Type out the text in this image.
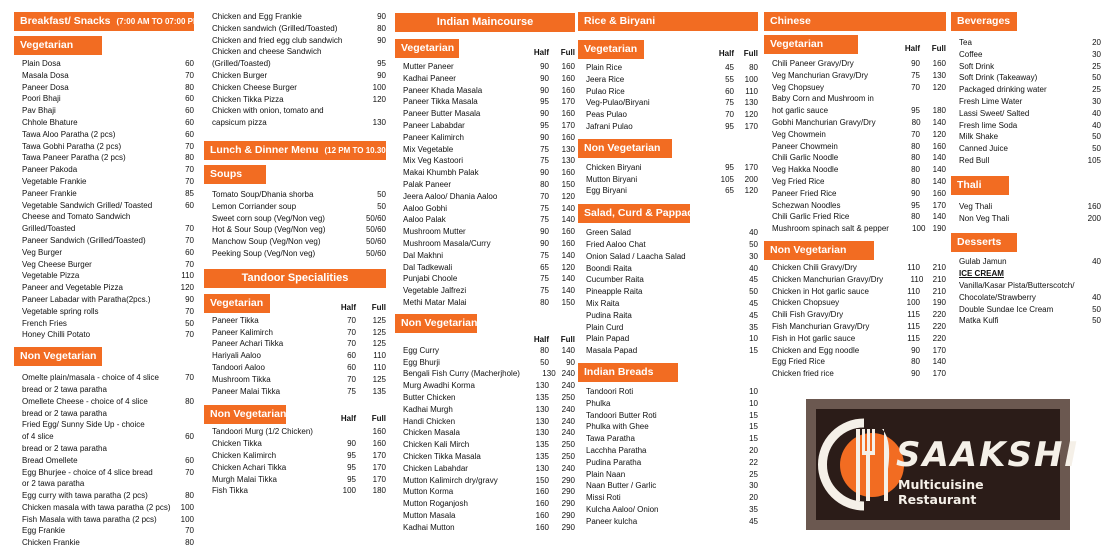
Breakfast/ Snacks (7:00 AM TO 07:00 PM)
Vegetarian
Plain Dosa	60
Masala Dosa	70
Paneer Dosa	80
Poori Bhaji	60
Pav Bhaji	60
Chhole Bhature	60
Tawa Aloo Paratha (2 pcs)	60
Tawa Gobhi Paratha (2 pcs)	70
Tawa Paneer Paratha (2 pcs)	80
Paneer Pakoda	70
Vegetable Frankie	70
Paneer Frankie	85
Vegetable Sandwich Grilled/ Toasted	60
Cheese and Tomato Sandwich
Grilled/Toasted	70
Paneer Sandwich (Grilled/Toasted)	70
Veg Burger	60
Veg Cheese Burger	70
Vegetable Pizza	110
Paneer and Vegetable Pizza	120
Paneer Labadar with Paratha(2pcs.)	90
Vegetable spring rolls	70
French Fries	50
Honey Chilli Potato	70
Non Vegetarian
Omelte plain/masala - choice of 4 slice	70
bread or 2 tawa paratha
Omellete Cheese - choice of 4 slice	80
bread or 2 tawa paratha
Fried Egg/ Sunny Side Up - choice
of 4 slice	60
bread or 2 tawa paratha
Bread Omellete	60
Egg Bhurjee - choice of 4 slice bread	70
or 2 tawa paratha
Egg curry with tawa paratha (2 pcs)	80
Chicken masala with tawa paratha (2 pcs)	100
Fish Masala with tawa paratha (2 pcs)	100
Egg Frankie	70
Chicken Frankie	80
Chicken and Egg Frankie	90
Chicken sandwich (Grilled/Toasted)	80
Chicken and fried egg club sandwich	90
Chicken and cheese Sandwich
(Grilled/Toasted)	95
Chicken Burger	90
Chicken Cheese Burger	100
Chicken Tikka Pizza	120
Chicken with onion, tomato and
capsicum pizza	130
Lunch & Dinner Menu (12 PM TO 10.30 PM)
Soups
Tomato Soup/Dhania shorba	50
Lemon Corriander soup	50
Sweet corn soup (Veg/Non veg)	50/60
Hot & Sour Soup (Veg/Non veg)	50/60
Manchow Soup (Veg/Non veg)	50/60
Peeking Soup (Veg/Non veg)	50/60
Tandoor Specialities
Vegetarian	Half	Full
Paneer Tikka	70	125
Paneer Kalimirch	70	125
Paneer Achari Tikka	70	125
Hariyali Aaloo	60	110
Tandoori Aaloo	60	110
Mushroom Tikka	70	125
Paneer Malai Tikka	75	135
Non Vegetarian	Half	Full
Tandoori Murg (1/2 Chicken)	160
Chicken Tikka	90	160
Chicken Kalimirch	95	170
Chicken Achari Tikka	95	170
Murgh Malai Tikka	95	170
Fish Tikka	100	180
Indian Maincourse
Vegetarian	Half	Full
Mutter Paneer	90	160
Kadhai Paneer	90	160
Paneer Khada Masala	90	160
Paneer Tikka Masala	95	170
Paneer Butter Masala	90	160
Paneer Lababdar	95	170
Paneer Kalimirch	90	160
Mix Vegetable	75	130
Mix Veg Kastoori	75	130
Makai Khumbh Palak	90	160
Palak Paneer	80	150
Jeera Aaloo/ Dhania Aaloo	70	120
Aaloo Gobhi	75	140
Aaloo Palak	75	140
Mushroom Mutter	90	160
Mushroom Masala/Curry	90	160
Dal Makhni	75	140
Dal Tadkewali	65	120
Punjabi Choole	75	140
Vegetable Jalfrezi	75	140
Methi Matar Malai	80	150
Non Vegetarian
Half	Full
Egg Curry	80	140
Egg Bhurji	50	90
Bengali Fish Curry (Macherjhole)	130 240
Murg Awadhi Korma	130	240
Butter Chicken	135	250
Kadhai Murgh	130	240
Handi Chicken	130	240
Chicken Masala	130	240
Chicken Kali Mirch	135	250
Chicken Tikka Masala	135	250
Chicken Labahdar	130	240
Mutton Kalimirch dry/gravy	150	290
Mutton Korma	160	290
Mutton Roganjosh	160	290
Mutton Masala	160	290
Kadhai Mutton	160	290
Rice & Biryani
Vegetarian	Half	Full
Plain Rice	45	80
Jeera Rice	55	100
Pulao Rice	60	110
Veg-Pulao/Biryani	75	130
Peas Pulao	70	120
Jafrani Pulao	95	170
Non Vegetarian
Chicken Biryani	95	170
Mutton Biryani	105	200
Egg Biryani	65	120
Salad, Curd & Pappad
Green Salad	40
Fried Aaloo Chat	50
Onion Salad / Laacha Salad	30
Boondi Raita	40
Cucumber Raita	45
Pineapple Raita	50
Mix Raita	45
Pudina Raita	45
Plain Curd	35
Plain Papad	10
Masala Papad	15
Indian Breads
Tandoori Roti	10
Phulka	10
Tandoori Butter Roti	15
Phulka with Ghee	15
Tawa Paratha	15
Lacchha Paratha	20
Pudina Paratha	22
Plain Naan	25
Naan Butter / Garlic	30
Missi Roti	20
Kulcha Aaloo/ Onion	35
Paneer kulcha	45
Chinese
Vegetarian	Half	Full
Chili Paneer Gravy/Dry	90	160
Veg Manchurian Gravy/Dry	75	130
Veg Chopsuey	70	120
Baby Corn and Mushroom in
hot garlic sauce	95	180
Gobhi Manchurian Gravy/Dry	80	140
Veg Chowmein	70	120
Paneer Chowmein	80	160
Chili Garlic Noodle	80	140
Veg Hakka Noodle	80	140
Veg Fried Rice	80	140
Paneer Fried Rice	90	160
Schezwan Noodles	95	170
Chili Garlic Fried Rice	80	140
Mushroom spinach salt & pepper	100 190
Non Vegetarian
Chicken Chili Gravy/Dry	110	210
Chicken Manchurian Gravy/Dry	110	210
Chicken in Hot garlic sauce	110	210
Chicken Chopsuey	100	190
Chili Fish Gravy/Dry	115	220
Fish Manchurian Gravy/Dry	115	220
Fish in Hot garlic sauce	115	220
Chicken and Egg noodle	90	170
Egg Fried Rice	80	140
Chicken fried rice	90	170
Beverages
Tea	20
Coffee	30
Soft Drink	25
Soft Drink (Takeaway)	50
Packaged drinking water	25
Fresh Lime Water	30
Lassi Sweet/ Salted	40
Fresh lime Soda	40
Milk Shake	50
Canned Juice	50
Red Bull	105
Thali
Veg Thali	160
Non Veg Thali	200
Desserts
Gulab Jamun	40
ICE CREAM
Vanilla/Kasar Pista/Butterscotch/
Chocolate/Strawberry	40
Double Sundae Ice Cream	50
Matka Kulfi	50
SAAKSHI
Multicuisine Restaurant
